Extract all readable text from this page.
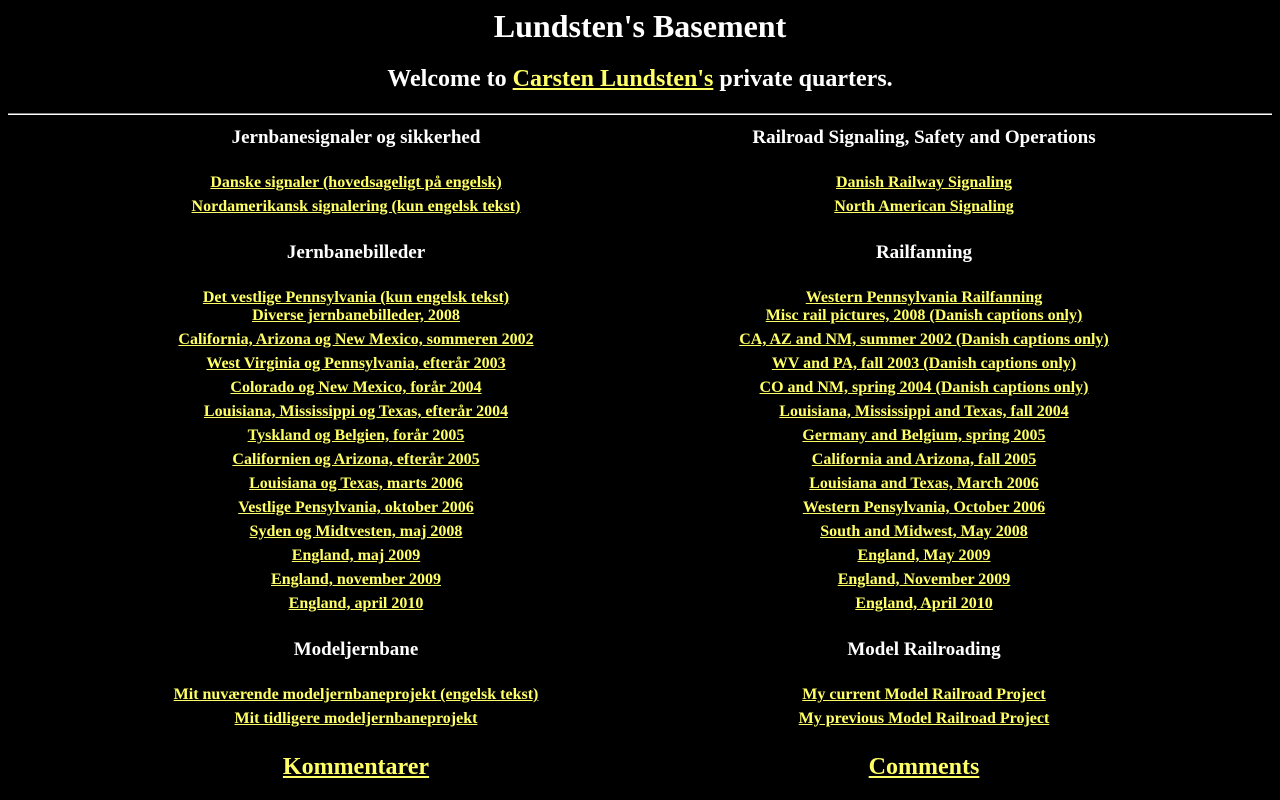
Lundsten's Basement
Welcome to Carsten Lundsten's private quarters.
Jernbanesignaler og sikkerhed
Danske signaler (hovedsageligt på engelsk)
Nordamerikansk signalering (kun engelsk tekst)
Jernbanebilleder
Det vestlige Pennsylvania (kun engelsk tekst)
Diverse jernbanebilleder, 2008
California, Arizona og New Mexico, sommeren 2002
West Virginia og Pennsylvania, efterår 2003
Colorado og New Mexico, forår 2004
Louisiana, Mississippi og Texas, efterår 2004
Tyskland og Belgien, forår 2005
Californien og Arizona, efterår 2005
Louisiana og Texas, marts 2006
Vestlige Pensylvania, oktober 2006
Syden og Midtvesten, maj 2008
England, maj 2009
England, november 2009
England, april 2010
Modeljernbane
Mit nuværende modeljernbaneprojekt (engelsk tekst)
Mit tidligere modeljernbaneprojekt
Kommentarer
Railroad Signaling, Safety and Operations
Danish Railway Signaling
North American Signaling
Railfanning
Western Pennsylvania Railfanning
Misc rail pictures, 2008 (Danish captions only)
CA, AZ and NM, summer 2002 (Danish captions only)
WV and PA, fall 2003 (Danish captions only)
CO and NM, spring 2004 (Danish captions only)
Louisiana, Mississippi and Texas, fall 2004
Germany and Belgium, spring 2005
California and Arizona, fall 2005
Louisiana and Texas, March 2006
Western Pensylvania, October 2006
South and Midwest, May 2008
England, May 2009
England, November 2009
England, April 2010
Model Railroading
My current Model Railroad Project
My previous Model Railroad Project
Comments
